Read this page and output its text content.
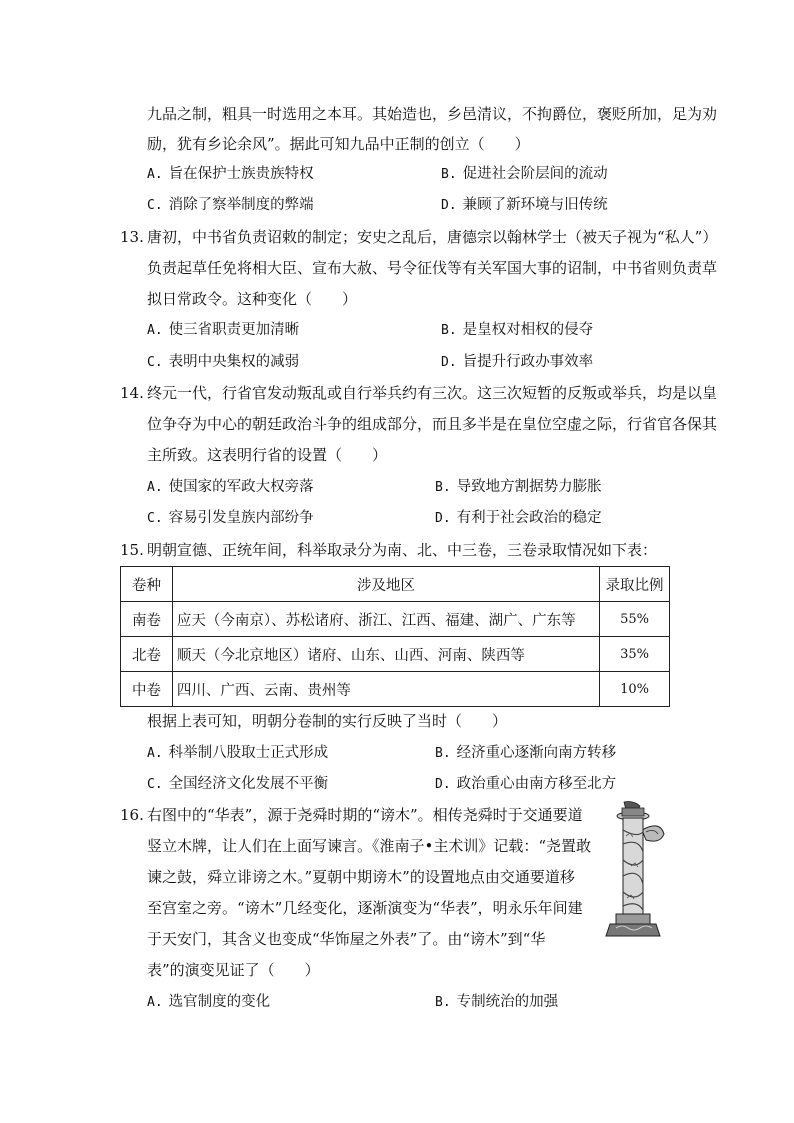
九品之制，粗具一时选用之本耳。其始造也，乡邑清议，不拘爵位，褒贬所加，足为劝
励，犹有乡论余风”。据此可知九品中正制的创立（　　）
A. 旨在保护士族贵族特权	B. 促进社会阶层间的流动
C. 消除了察举制度的弊端	D. 兼顾了新环境与旧传统
13. 唐初，中书省负责诏敕的制定；安史之乱后，唐德宗以翰林学士（被天子视为“私人”）
负责起草任免将相大臣、宣布大赦、号令征伐等有关军国大事的诏制，中书省则负责草
拟日常政令。这种变化（　　）
A. 使三省职责更加清晰	B. 是皇权对相权的侵夺
C. 表明中央集权的减弱	D. 旨提升行政办事效率
14. 终元一代，行省官发动叛乱或自行举兵约有三次。这三次短暂的反叛或举兵，均是以皇
位争夺为中心的朝廷政治斗争的组成部分，而且多半是在皇位空虚之际，行省官各保其
主所致。这表明行省的设置（　　）
A. 使国家的军政大权旁落	B. 导致地方割据势力膨胀
C. 容易引发皇族内部纷争	D. 有利于社会政治的稳定
15. 明朝宣德、正统年间，科举取录分为南、北、中三卷，三卷录取情况如下表：
卷种	涉及地区	录取比例
南卷	应天（今南京）、苏松诸府、浙江、江西、福建、湖广、广东等	55%
北卷	顺天（今北京地区）诸府、山东、山西、河南、陕西等	35%
中卷	四川、广西、云南、贵州等	10%
根据上表可知，明朝分卷制的实行反映了当时（　　）
A. 科举制八股取士正式形成	B. 经济重心逐渐向南方转移
C. 全国经济文化发展不平衡	D. 政治重心由南方移至北方
16. 右图中的“华表”，源于尧舜时期的“谤木”。相传尧舜时于交通要道
竖立木牌，让人们在上面写谏言。《淮南子•主术训》记载：“尧置敢
谏之鼓，舜立诽谤之木。”夏朝中期谤木”的设置地点由交通要道移
至宫室之旁。“谤木”几经变化，逐渐演变为“华表”，明永乐年间建
于天安门，其含义也变成“华饰屋之外表”了。由“谤木”到“华
表”的演变见证了（　　）
A. 选官制度的变化	B. 专制统治的加强
